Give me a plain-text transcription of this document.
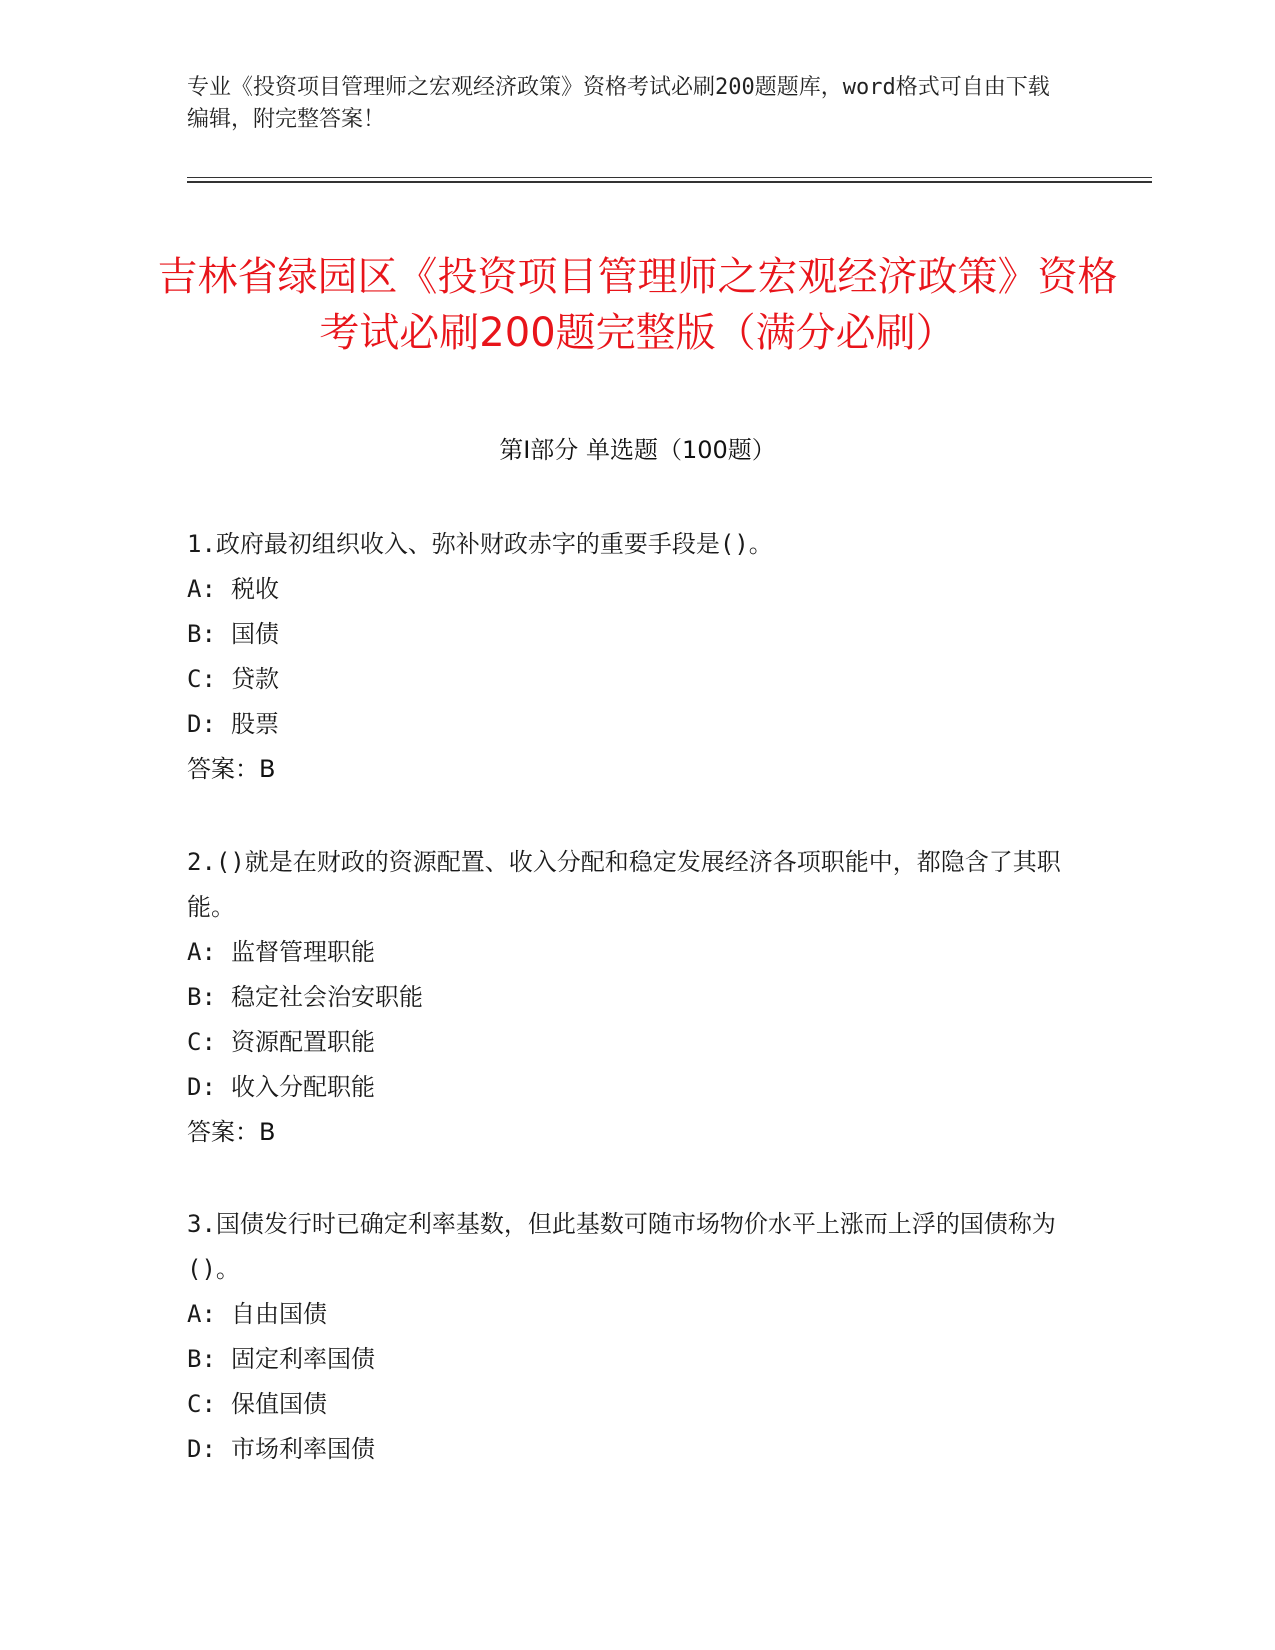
专业《投资项目管理师之宏观经济政策》资格考试必刷200题题库，word格式可自由下载编辑，附完整答案！
吉林省绿园区《投资项目管理师之宏观经济政策》资格考试必刷200题完整版（满分必刷）
第Ⅰ部分 单选题（100题）

1.政府最初组织收入、弥补财政赤字的重要手段是()。

A: 税收

B: 国债

C: 贷款

D: 股票

答案：B

2.()就是在财政的资源配置、收入分配和稳定发展经济各项职能中，都隐含了其职能。

A: 监督管理职能

B: 稳定社会治安职能

C: 资源配置职能

D: 收入分配职能

答案：B

3.国债发行时已确定利率基数，但此基数可随市场物价水平上涨而上浮的国债称为()。

A: 自由国债

B: 固定利率国债

C: 保值国债

D: 市场利率国债
